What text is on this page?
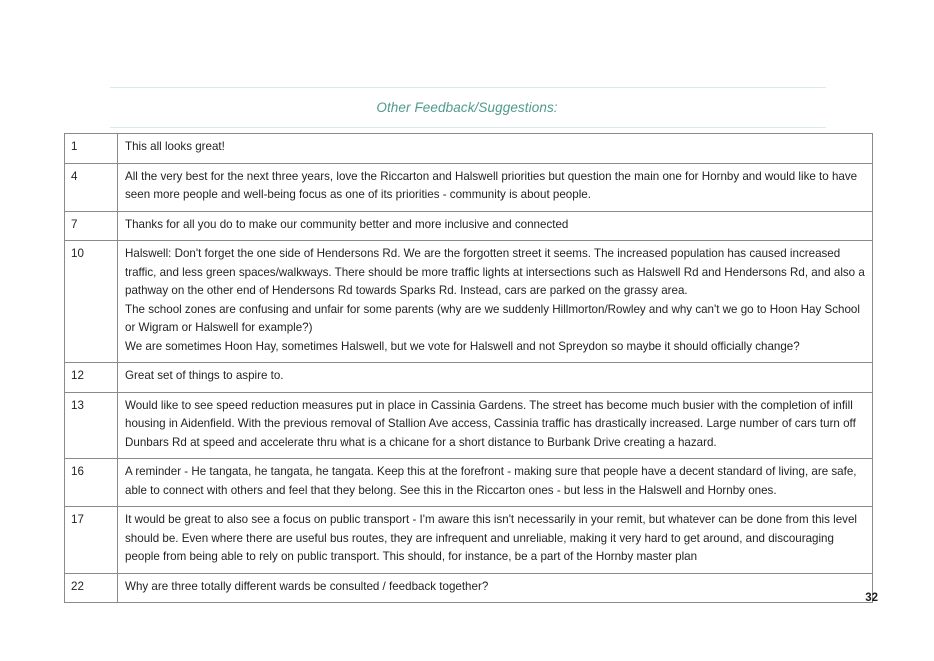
Other Feedback/Suggestions:
1	This all looks great!

4	All the very best for the next three years, love the Riccarton and Halswell priorities but question the main one for Hornby and would like to have seen more people and well-being focus as one of its priorities - community is about people.

7	Thanks for all you do to make our community better and more inclusive and connected

10	Halswell: Don't forget the one side of Hendersons Rd. We are the forgotten street it seems. The increased population has caused increased traffic, and less green spaces/walkways. There should be more traffic lights at intersections such as Halswell Rd and Hendersons Rd, and also a pathway on the other end of Hendersons Rd towards Sparks Rd. Instead, cars are parked on the grassy area.

The school zones are confusing and unfair for some parents (why are we suddenly Hillmorton/Rowley and why can't we go to Hoon Hay School or Wigram or Halswell for example?)

We are sometimes Hoon Hay, sometimes Halswell, but we vote for Halswell and not Spreydon so maybe it should officially change?

12	Great set of things to aspire to.

13	Would like to see speed reduction measures put in place in Cassinia Gardens. The street has become much busier with the completion of infill housing in Aidenfield. With the previous removal of Stallion Ave access, Cassinia traffic has drastically increased. Large number of cars turn off Dunbars Rd at speed and accelerate thru what is a chicane for a short distance to Burbank Drive creating a hazard.

16	A reminder - He tangata, he tangata, he tangata. Keep this at the forefront - making sure that people have a decent standard of living, are safe, able to connect with others and feel that they belong. See this in the Riccarton ones - but less in the Halswell and Hornby ones.

17	It would be great to also see a focus on public transport - I'm aware this isn't necessarily in your remit, but whatever can be done from this level should be. Even where there are useful bus routes, they are infrequent and unreliable, making it very hard to get around, and discouraging people from being able to rely on public transport. This should, for instance, be a part of the Hornby master plan

22	Why are three totally different wards be consulted / feedback together?

32
